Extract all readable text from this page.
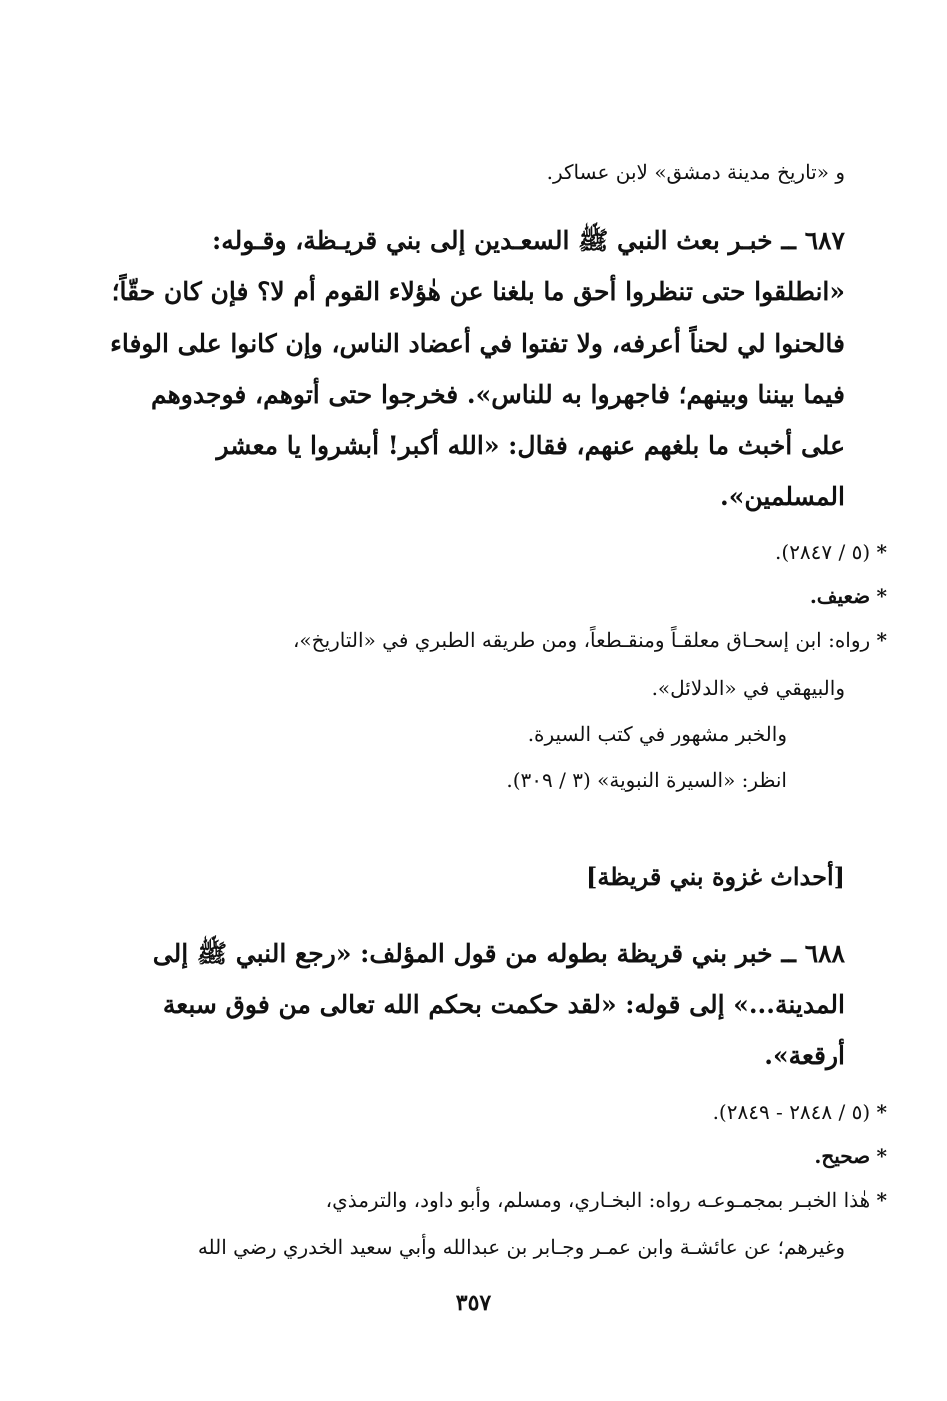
و «تاريخ مدينة دمشق» لابن عساكر.
٦٨٧ ــ خبـر بعث النبي ﷺ السعـدين إلى بني قريـظة، وقـوله:
«انطلقوا حتى تنظروا أحق ما بلغنا عن هٰؤلاء القوم أم لا؟ فإن كان حقّاً؛
فالحنوا لي لحناً أعرفه، ولا تفتوا في أعضاد الناس، وإن كانوا على الوفاء
فيما بيننا وبينهم؛ فاجهروا به للناس». فخرجوا حتى أتوهم، فوجدوهم
على أخبث ما بلغهم عنهم، فقال: «الله أكبر! أبشروا يا معشر
المسلمين».
* (٥ / ٢٨٤٧).
* ضعيف.
* رواه: ابن إسحـاق معلقـاً ومنقـطعاً، ومن طريقه الطبري في «التاريخ»،
والبيهقي في «الدلائل».
والخبر مشهور في كتب السيرة.
انظر: «السيرة النبوية» (٣ / ٣٠٩).
[أحداث غزوة بني قريظة]
٦٨٨ ــ خبر بني قريظة بطوله من قول المؤلف: «رجع النبي ﷺ إلى
المدينة...» إلى قوله: «لقد حكمت بحكم الله تعالى من فوق سبعة
أرقعة».
* (٥ / ٢٨٤٨ - ٢٨٤٩).
* صحيح.
* هٰذا الخبـر بمجمـوعـه رواه: البخـاري، ومسلم، وأبو داود، والترمذي،
وغيرهم؛ عن عائشـة وابن عمـر وجـابر بن عبدالله وأبي سعيد الخدري رضي الله
٣٥٧
